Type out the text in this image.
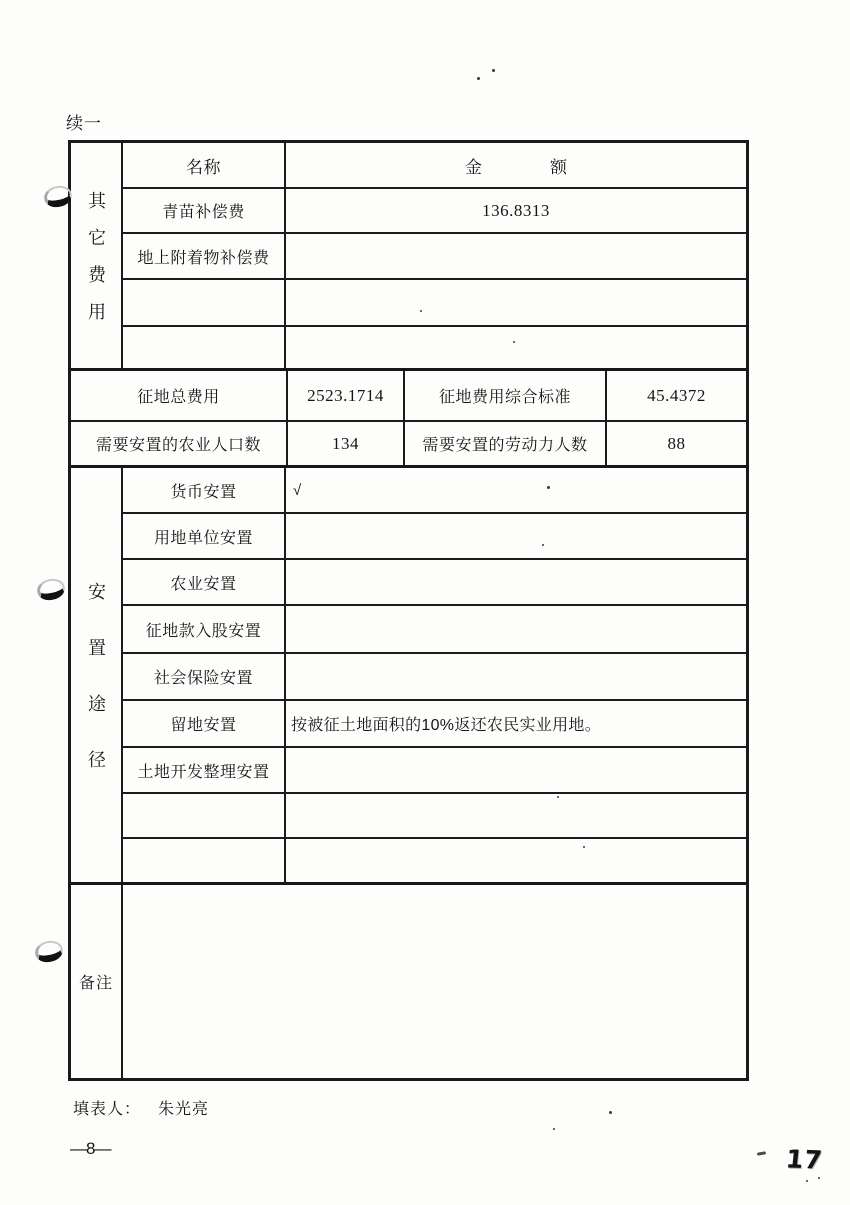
续一
其它费用
名称	金　　　　额
青苗补偿费	136.8313
地上附着物补偿费
征地总费用	2523.1714	征地费用综合标准	45.4372
需要安置的农业人口数	134	需要安置的劳动力人数	88
安置途径
货币安置	√
用地单位安置
农业安置
征地款入股安置
社会保险安置
留地安置	按被征土地面积的10%返还农民实业用地。
土地开发整理安置
备注
填表人： 朱光亮
—8—	17
